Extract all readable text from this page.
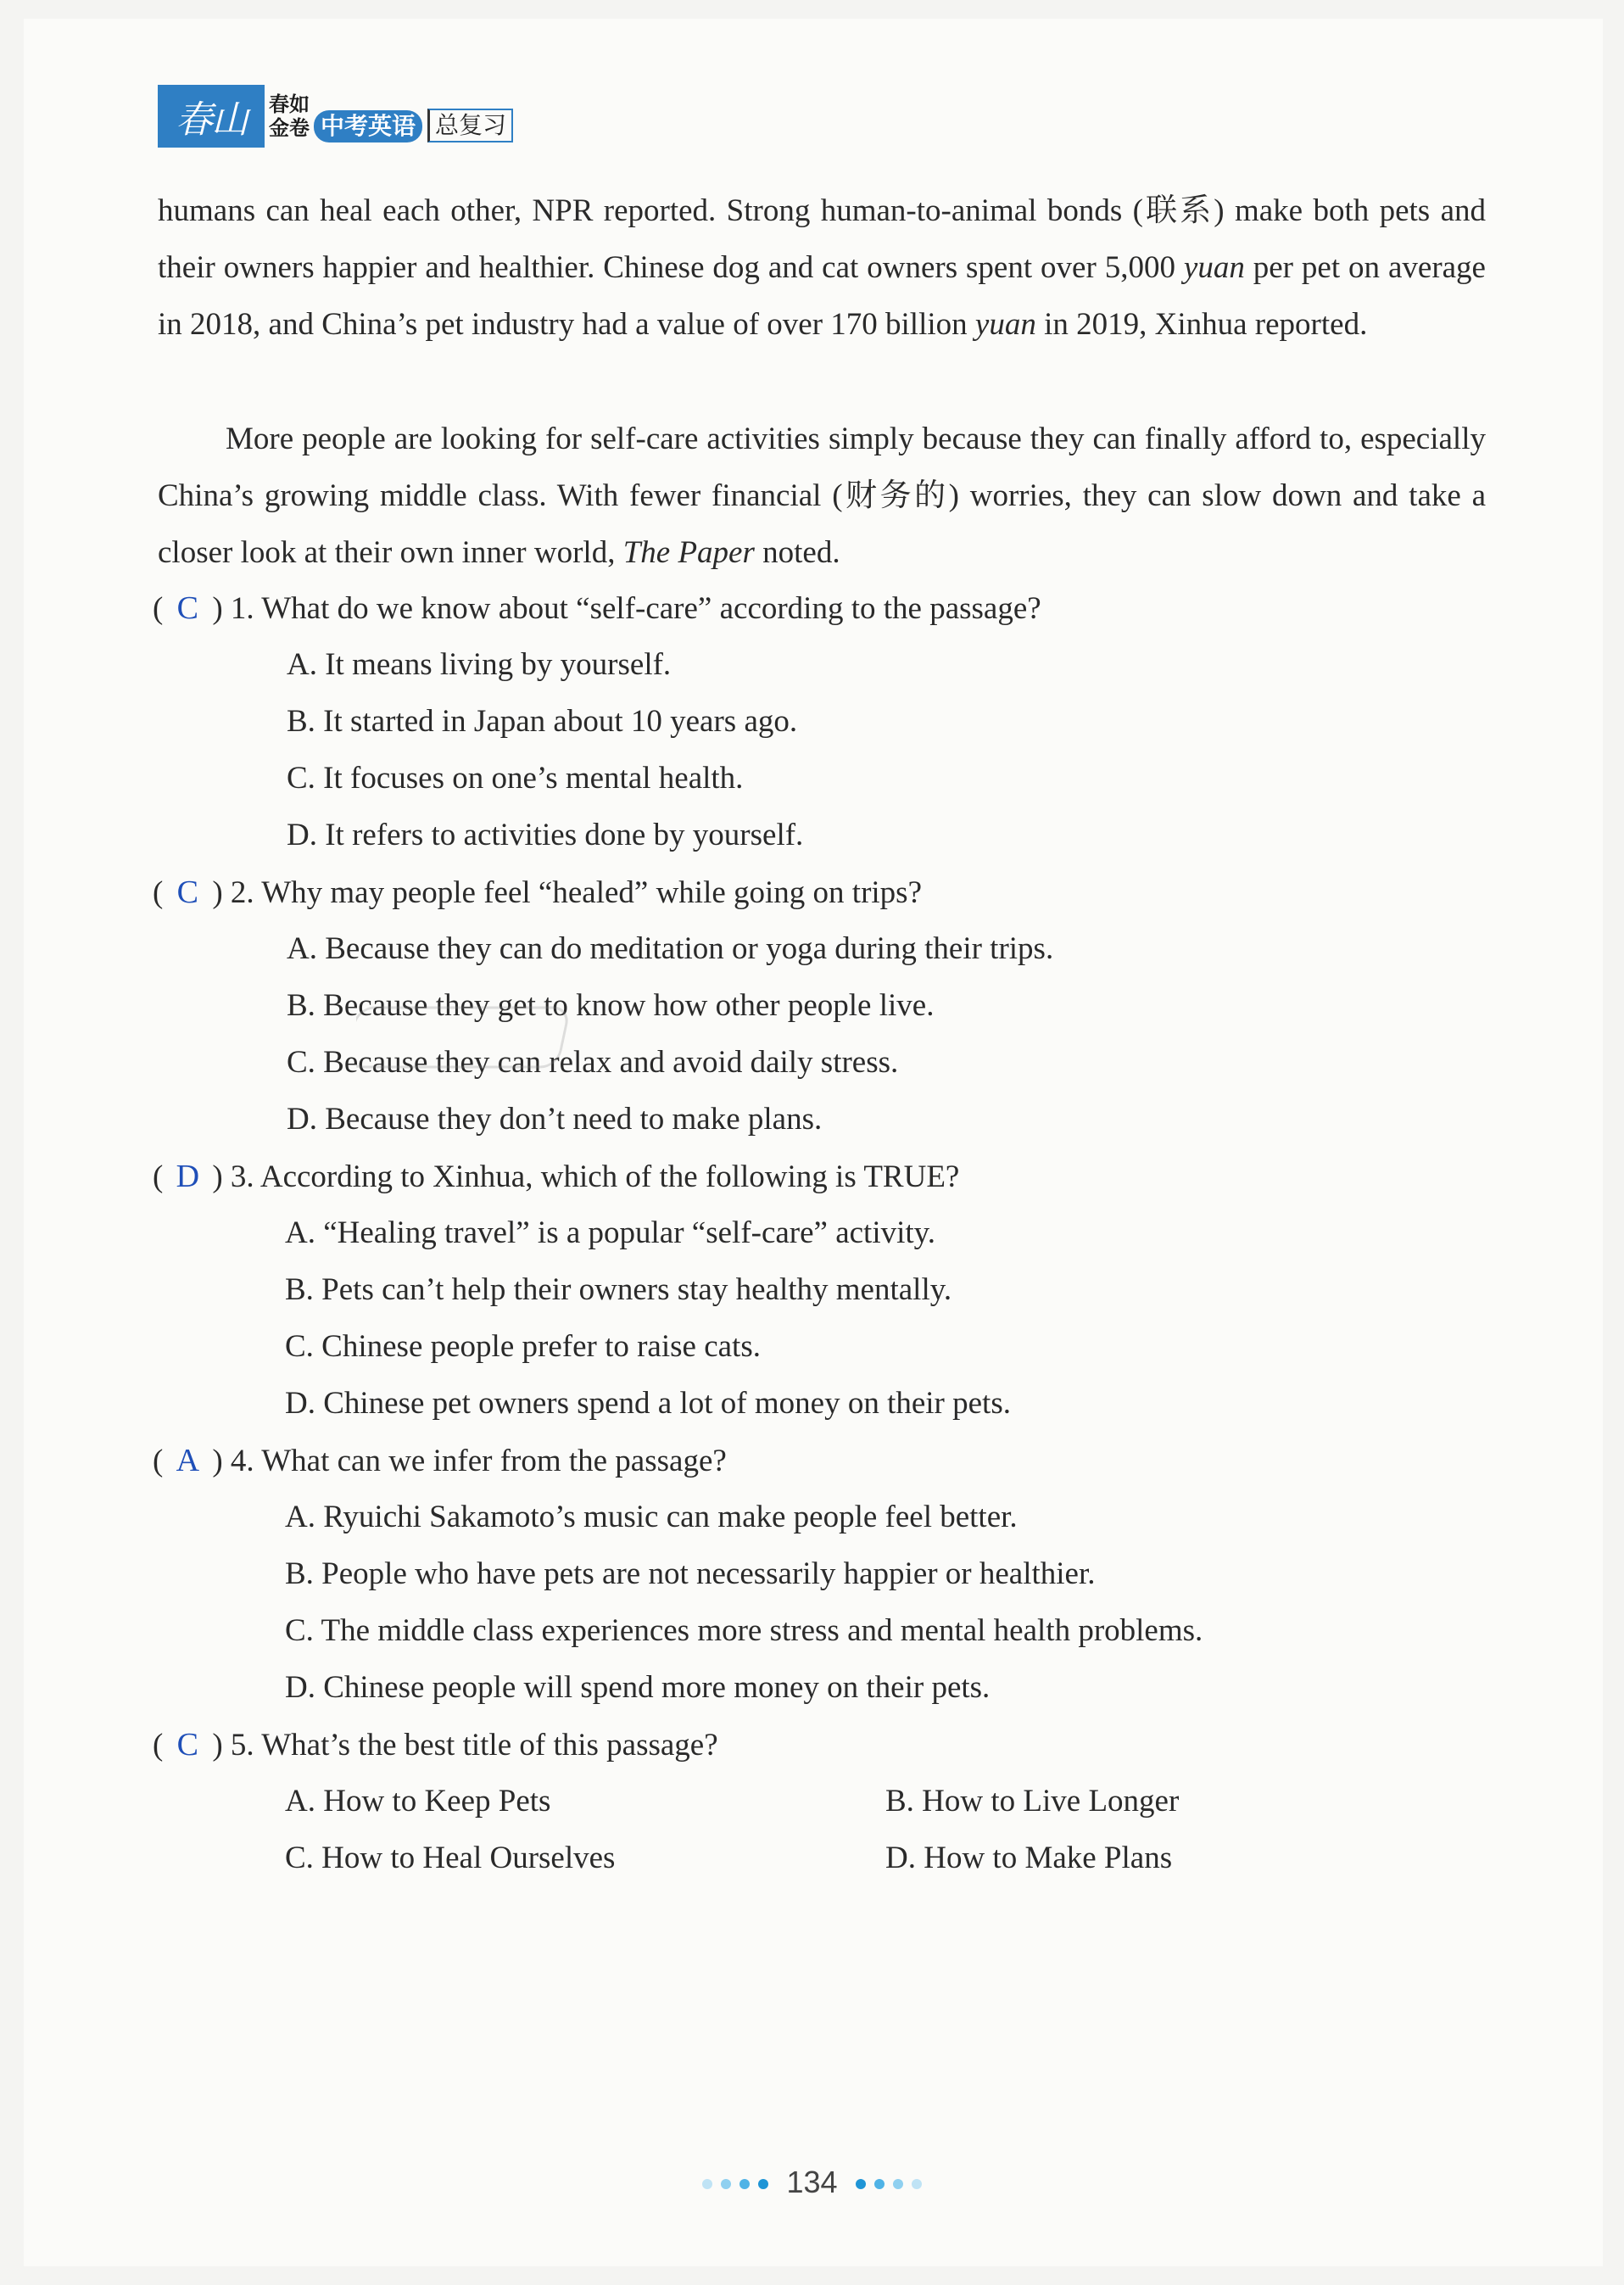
春山	春如
金卷 中考英语 总复习

humans can heal each other, NPR reported. Strong human-to-animal bonds (联系) make both pets and their owners happier and healthier. Chinese dog and cat owners spent over 5,000 yuan per pet on average in 2018, and China’s pet industry had a value of over 170 billion yuan in 2019, Xinhua reported.

More people are looking for self-care activities simply because they can finally afford to, especially China’s growing middle class. With fewer financial (财务的) worries, they can slow down and take a closer look at their own inner world, The Paper noted.

( C ) 1. What do we know about “self-care” according to the passage?
A. It means living by yourself.
B. It started in Japan about 10 years ago.
C. It focuses on one’s mental health.
D. It refers to activities done by yourself.
( C ) 2. Why may people feel “healed” while going on trips?
A. Because they can do meditation or yoga during their trips.
B. Because they get to know how other people live.
C. Because they can relax and avoid daily stress.
D. Because they don’t need to make plans.
( D ) 3. According to Xinhua, which of the following is TRUE?
A. “Healing travel” is a popular “self-care” activity.
B. Pets can’t help their owners stay healthy mentally.
C. Chinese people prefer to raise cats.
D. Chinese pet owners spend a lot of money on their pets.
( A ) 4. What can we infer from the passage?
A. Ryuichi Sakamoto’s music can make people feel better.
B. People who have pets are not necessarily happier or healthier.
C. The middle class experiences more stress and mental health problems.
D. Chinese people will spend more money on their pets.
( C ) 5. What’s the best title of this passage?
A. How to Keep Pets	B. How to Live Longer
C. How to Heal Ourselves	D. How to Make Plans
134
